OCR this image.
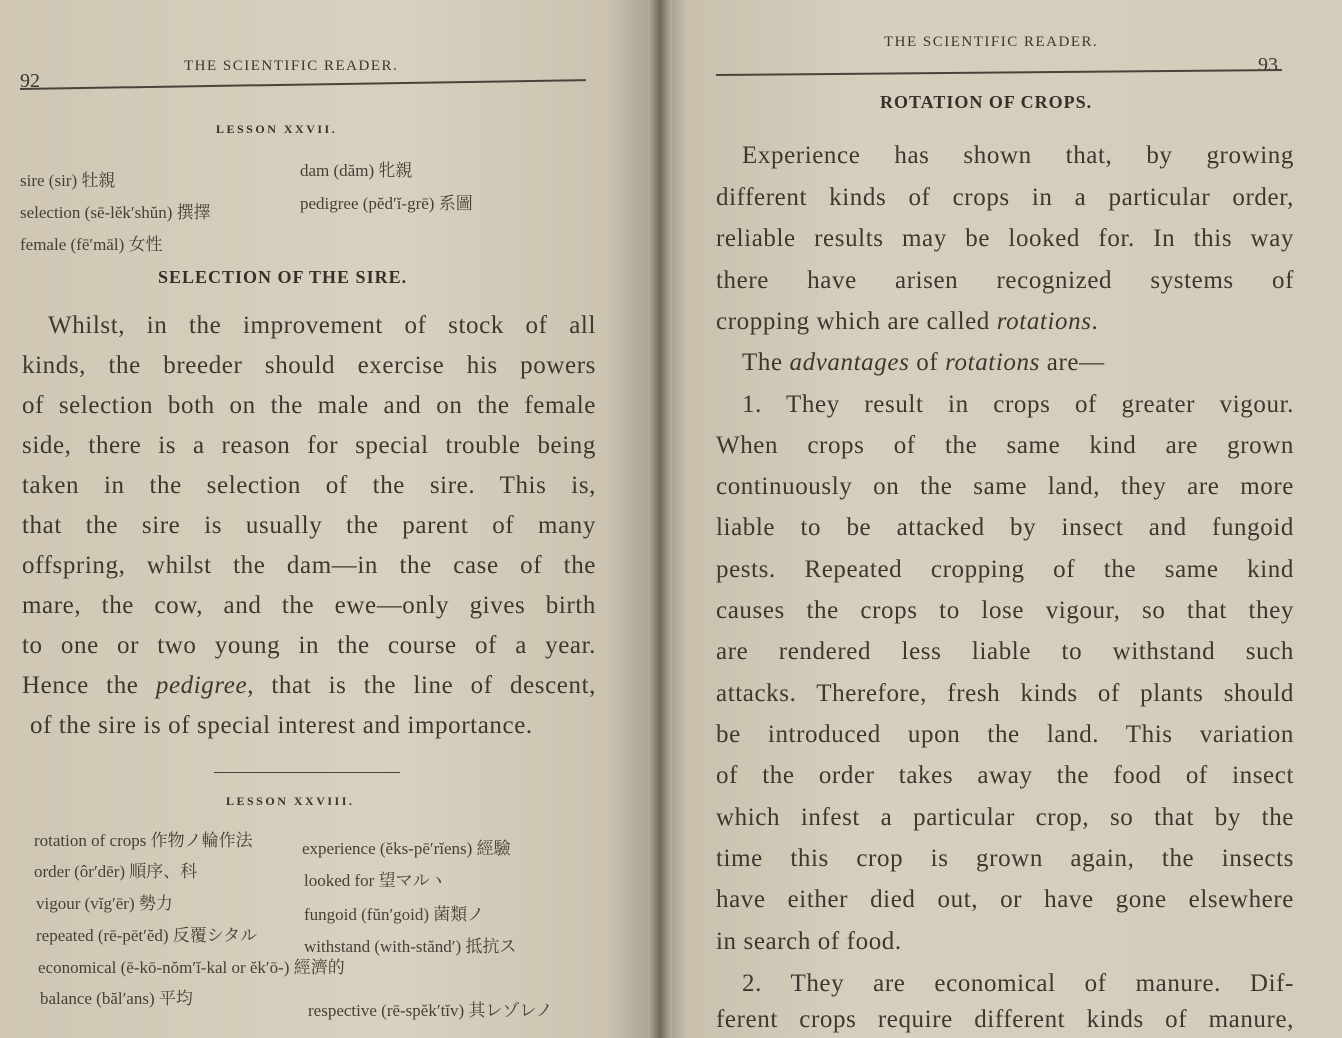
92
THE SCIENTIFIC READER.
LESSON XXVII.
sire (sir) 牡親
dam (dăm) 牝親
selection (sē-lĕk′shŭn) 撰擇	pedigree (pĕd′ĭ-grē) 系圖
female (fē′māl) 女性
SELECTION OF THE SIRE.
Whilst, in the improvement of stock of all
kinds, the breeder should exercise his powers
of selection both on the male and on the female
side, there is a reason for special trouble being
taken in the selection of the sire. This is,
that the sire is usually the parent of many
offspring, whilst the dam—in the case of the
mare, the cow, and the ewe—only gives birth
to one or two young in the course of a year.
Hence the pedigree, that is the line of descent,
of the sire is of special interest and importance.
LESSON XXVIII.
rotation of crops 作物ノ輪作法	experience (ĕks-pē′rĭens) 經驗
order (ôr′dēr) 順序、科	looked for 望マルヽ
vigour (vĭg′ēr) 勢力
fungoid (fŭn′goid) 菌類ノ
repeated (rē-pēt′ĕd) 反覆シタル
withstand (with-stănd′) 抵抗ス
economical (ē-kō-nŏm′ĭ-kal or ĕk′ō-) 經濟的
balance (băl′ans) 平均
respective (rē-spĕk′tĭv) 其レゾレノ
THE SCIENTIFIC READER.
93
ROTATION OF CROPS.
Experience has shown that, by growing
different kinds of crops in a particular order,
reliable results may be looked for. In this way
there have arisen recognized systems of
cropping which are called rotations.
The advantages of rotations are—
1. They result in crops of greater vigour.
When crops of the same kind are grown
continuously on the same land, they are more
liable to be attacked by insect and fungoid
pests. Repeated cropping of the same kind
causes the crops to lose vigour, so that they
are rendered less liable to withstand such
attacks. Therefore, fresh kinds of plants should
be introduced upon the land. This variation
of the order takes away the food of insect
which infest a particular crop, so that by the
time this crop is grown again, the insects
have either died out, or have gone elsewhere
in search of food.
2. They are economical of manure. Dif-
ferent crops require different kinds of manure,
